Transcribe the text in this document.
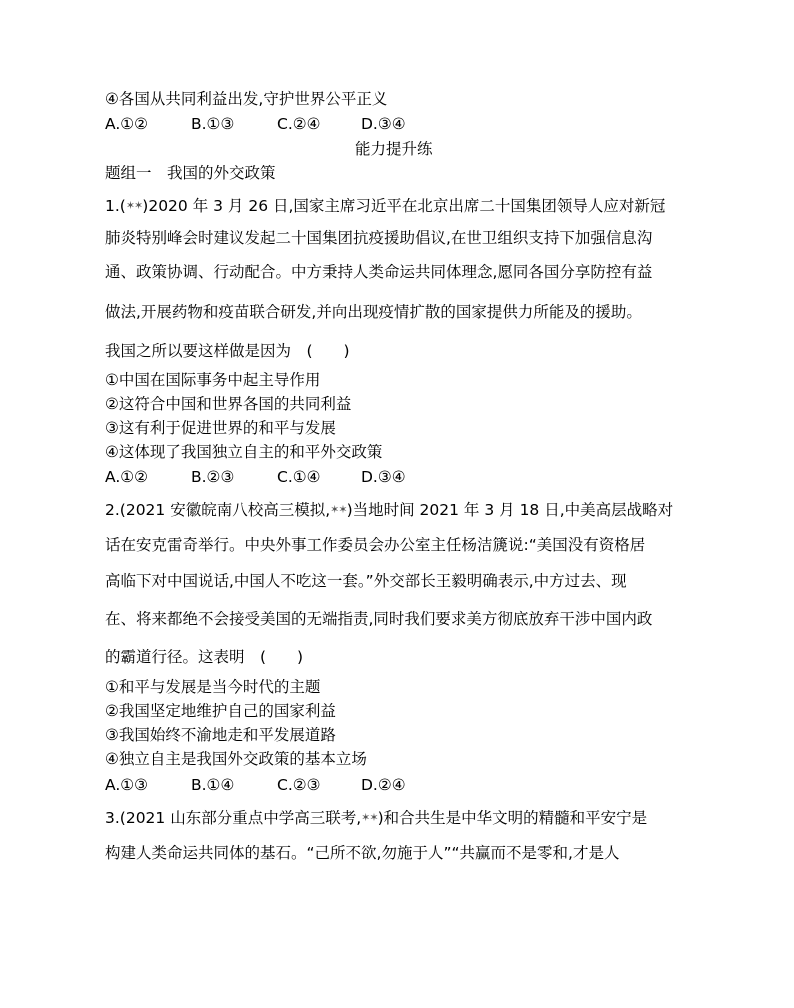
④各国从共同利益出发,守护世界公平正义
A.①②	B.①③	C.②④	D.③④
能力提升练
题组一　我国的外交政策
1.(✶✶)2020 年 3 月 26 日,国家主席习近平在北京出席二十国集团领导人应对新冠
肺炎特别峰会时建议发起二十国集团抗疫援助倡议,在世卫组织支持下加强信息沟
通、政策协调、行动配合。中方秉持人类命运共同体理念,愿同各国分享防控有益
做法,开展药物和疫苗联合研发,并向出现疫情扩散的国家提供力所能及的援助。
我国之所以要这样做是因为　(　　)
①中国在国际事务中起主导作用
②这符合中国和世界各国的共同利益
③这有利于促进世界的和平与发展
④这体现了我国独立自主的和平外交政策
A.①②	B.②③	C.①④	D.③④
2.(2021 安徽皖南八校高三模拟,✶✶)当地时间 2021 年 3 月 18 日,中美高层战略对
话在安克雷奇举行。中央外事工作委员会办公室主任杨洁篪说:“美国没有资格居
高临下对中国说话,中国人不吃这一套。”外交部长王毅明确表示,中方过去、现
在、将来都绝不会接受美国的无端指责,同时我们要求美方彻底放弃干涉中国内政
的霸道行径。这表明　(　　)
①和平与发展是当今时代的主题
②我国坚定地维护自己的国家利益
③我国始终不渝地走和平发展道路
④独立自主是我国外交政策的基本立场
A.①③	B.①④	C.②③	D.②④
3.(2021 山东部分重点中学高三联考,✶✶)和合共生是中华文明的精髓和平安宁是
构建人类命运共同体的基石。“己所不欲,勿施于人”“共赢而不是零和,才是人
